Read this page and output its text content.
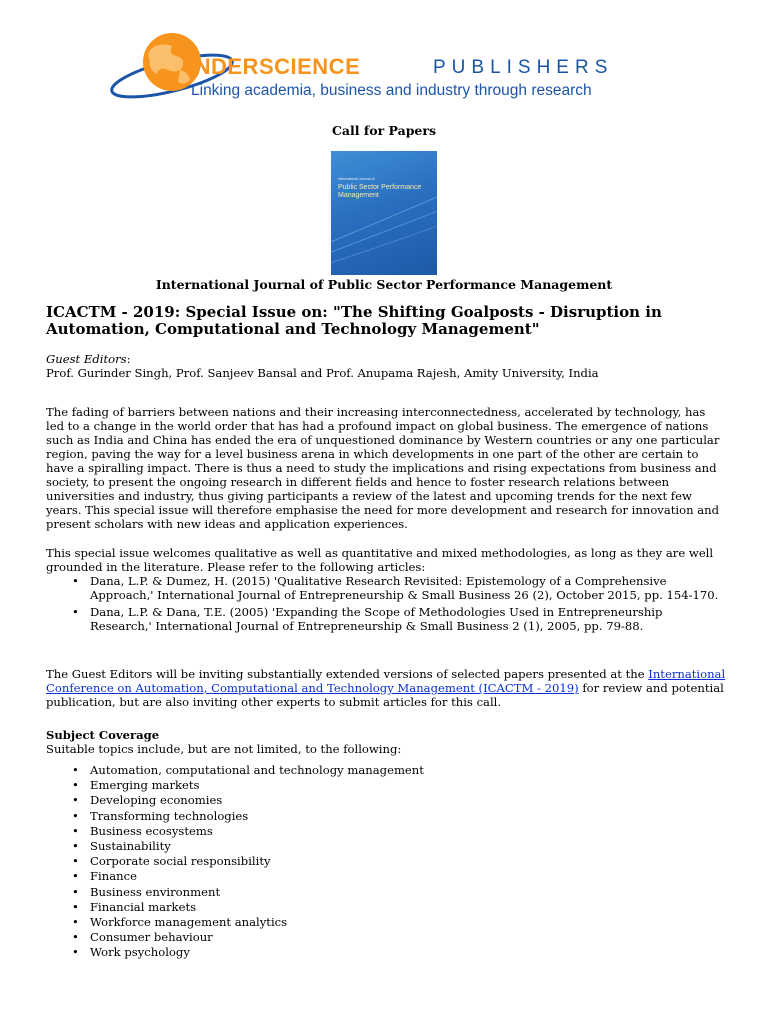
INDERSCIENCE	PUBLISHERS
Linking academia, business and industry through research
Call for Papers
International Journal of
Public Sector Performance Management
International Journal of Public Sector Performance Management
ICACTM - 2019: Special Issue on: "The Shifting Goalposts - Disruption in Automation, Computational and Technology Management"
Guest Editors:
Prof. Gurinder Singh, Prof. Sanjeev Bansal and Prof. Anupama Rajesh, Amity University, India
The fading of barriers between nations and their increasing interconnectedness, accelerated by technology, has led to a change in the world order that has had a profound impact on global business. The emergence of nations such as India and China has ended the era of unquestioned dominance by Western countries or any one particular region, paving the way for a level business arena in which developments in one part of the other are certain to have a spiralling impact. There is thus a need to study the implications and rising expectations from business and society, to present the ongoing research in different fields and hence to foster research relations between universities and industry, thus giving participants a review of the latest and upcoming trends for the next few years. This special issue will therefore emphasise the need for more development and research for innovation and present scholars with new ideas and application experiences.
This special issue welcomes qualitative as well as quantitative and mixed methodologies, as long as they are well grounded in the literature. Please refer to the following articles:
• Dana, L.P. & Dumez, H. (2015) 'Qualitative Research Revisited: Epistemology of a Comprehensive Approach,' International Journal of Entrepreneurship & Small Business 26 (2), October 2015, pp. 154-170.
• Dana, L.P. & Dana, T.E. (2005) 'Expanding the Scope of Methodologies Used in Entrepreneurship Research,' International Journal of Entrepreneurship & Small Business 2 (1), 2005, pp. 79-88.
The Guest Editors will be inviting substantially extended versions of selected papers presented at the International Conference on Automation, Computational and Technology Management (ICACTM - 2019) for review and potential publication, but are also inviting other experts to submit articles for this call.
Subject Coverage
Suitable topics include, but are not limited, to the following:
• Automation, computational and technology management
• Emerging markets
• Developing economies
• Transforming technologies
• Business ecosystems
• Sustainability
• Corporate social responsibility
• Finance
• Business environment
• Financial markets
• Workforce management analytics
• Consumer behaviour
• Work psychology
